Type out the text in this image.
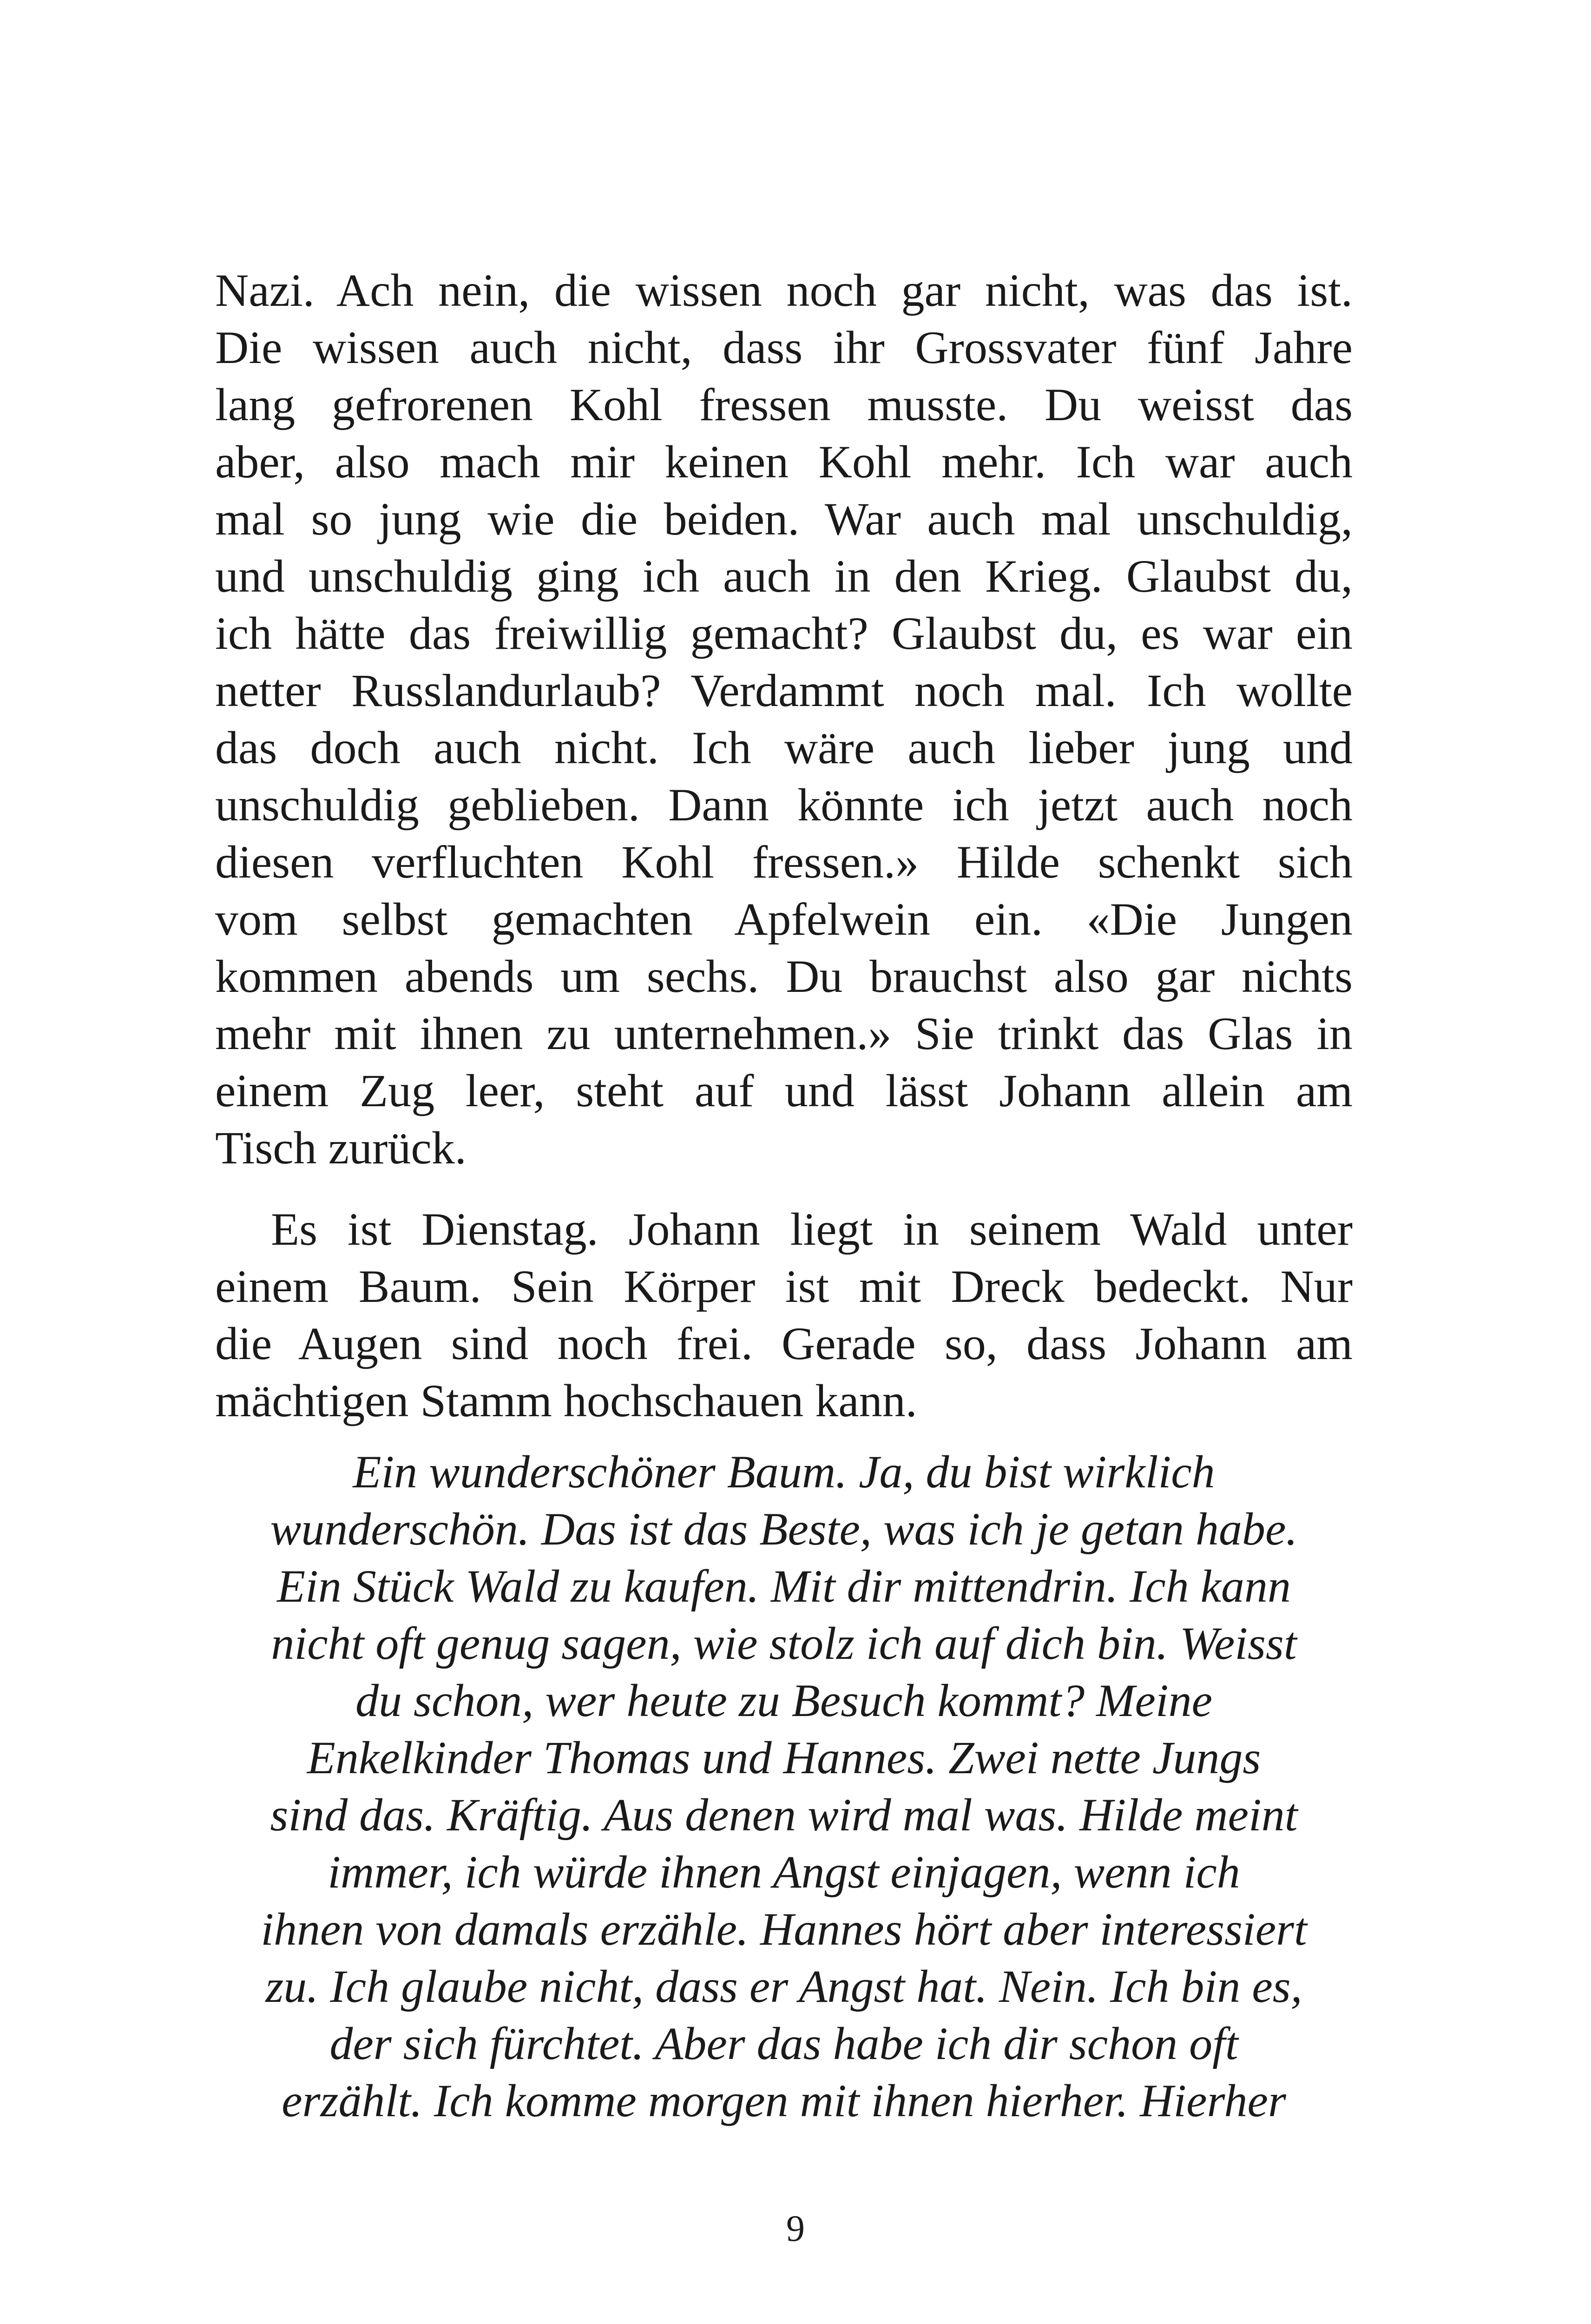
Nazi. Ach nein, die wissen noch gar nicht, was das ist.
Die wissen auch nicht, dass ihr Grossvater fünf Jahre
lang gefrorenen Kohl fressen musste. Du weisst das
aber, also mach mir keinen Kohl mehr. Ich war auch
mal so jung wie die beiden. War auch mal unschuldig,
und unschuldig ging ich auch in den Krieg. Glaubst du,
ich hätte das freiwillig gemacht? Glaubst du, es war ein
netter Russlandurlaub? Verdammt noch mal. Ich wollte
das doch auch nicht. Ich wäre auch lieber jung und
unschuldig geblieben. Dann könnte ich jetzt auch noch
diesen verfluchten Kohl fressen.» Hilde schenkt sich
vom selbst gemachten Apfelwein ein. «Die Jungen
kommen abends um sechs. Du brauchst also gar nichts
mehr mit ihnen zu unternehmen.» Sie trinkt das Glas in
einem Zug leer, steht auf und lässt Johann allein am
Tisch zurück.
Es ist Dienstag. Johann liegt in seinem Wald unter
einem Baum. Sein Körper ist mit Dreck bedeckt. Nur
die Augen sind noch frei. Gerade so, dass Johann am
mächtigen Stamm hochschauen kann.
Ein wunderschöner Baum. Ja, du bist wirklich
wunderschön. Das ist das Beste, was ich je getan habe.
Ein Stück Wald zu kaufen. Mit dir mittendrin. Ich kann
nicht oft genug sagen, wie stolz ich auf dich bin. Weisst
du schon, wer heute zu Besuch kommt? Meine
Enkelkinder Thomas und Hannes. Zwei nette Jungs
sind das. Kräftig. Aus denen wird mal was. Hilde meint
immer, ich würde ihnen Angst einjagen, wenn ich
ihnen von damals erzähle. Hannes hört aber interessiert
zu. Ich glaube nicht, dass er Angst hat. Nein. Ich bin es,
der sich fürchtet. Aber das habe ich dir schon oft
erzählt. Ich komme morgen mit ihnen hierher. Hierher
9
